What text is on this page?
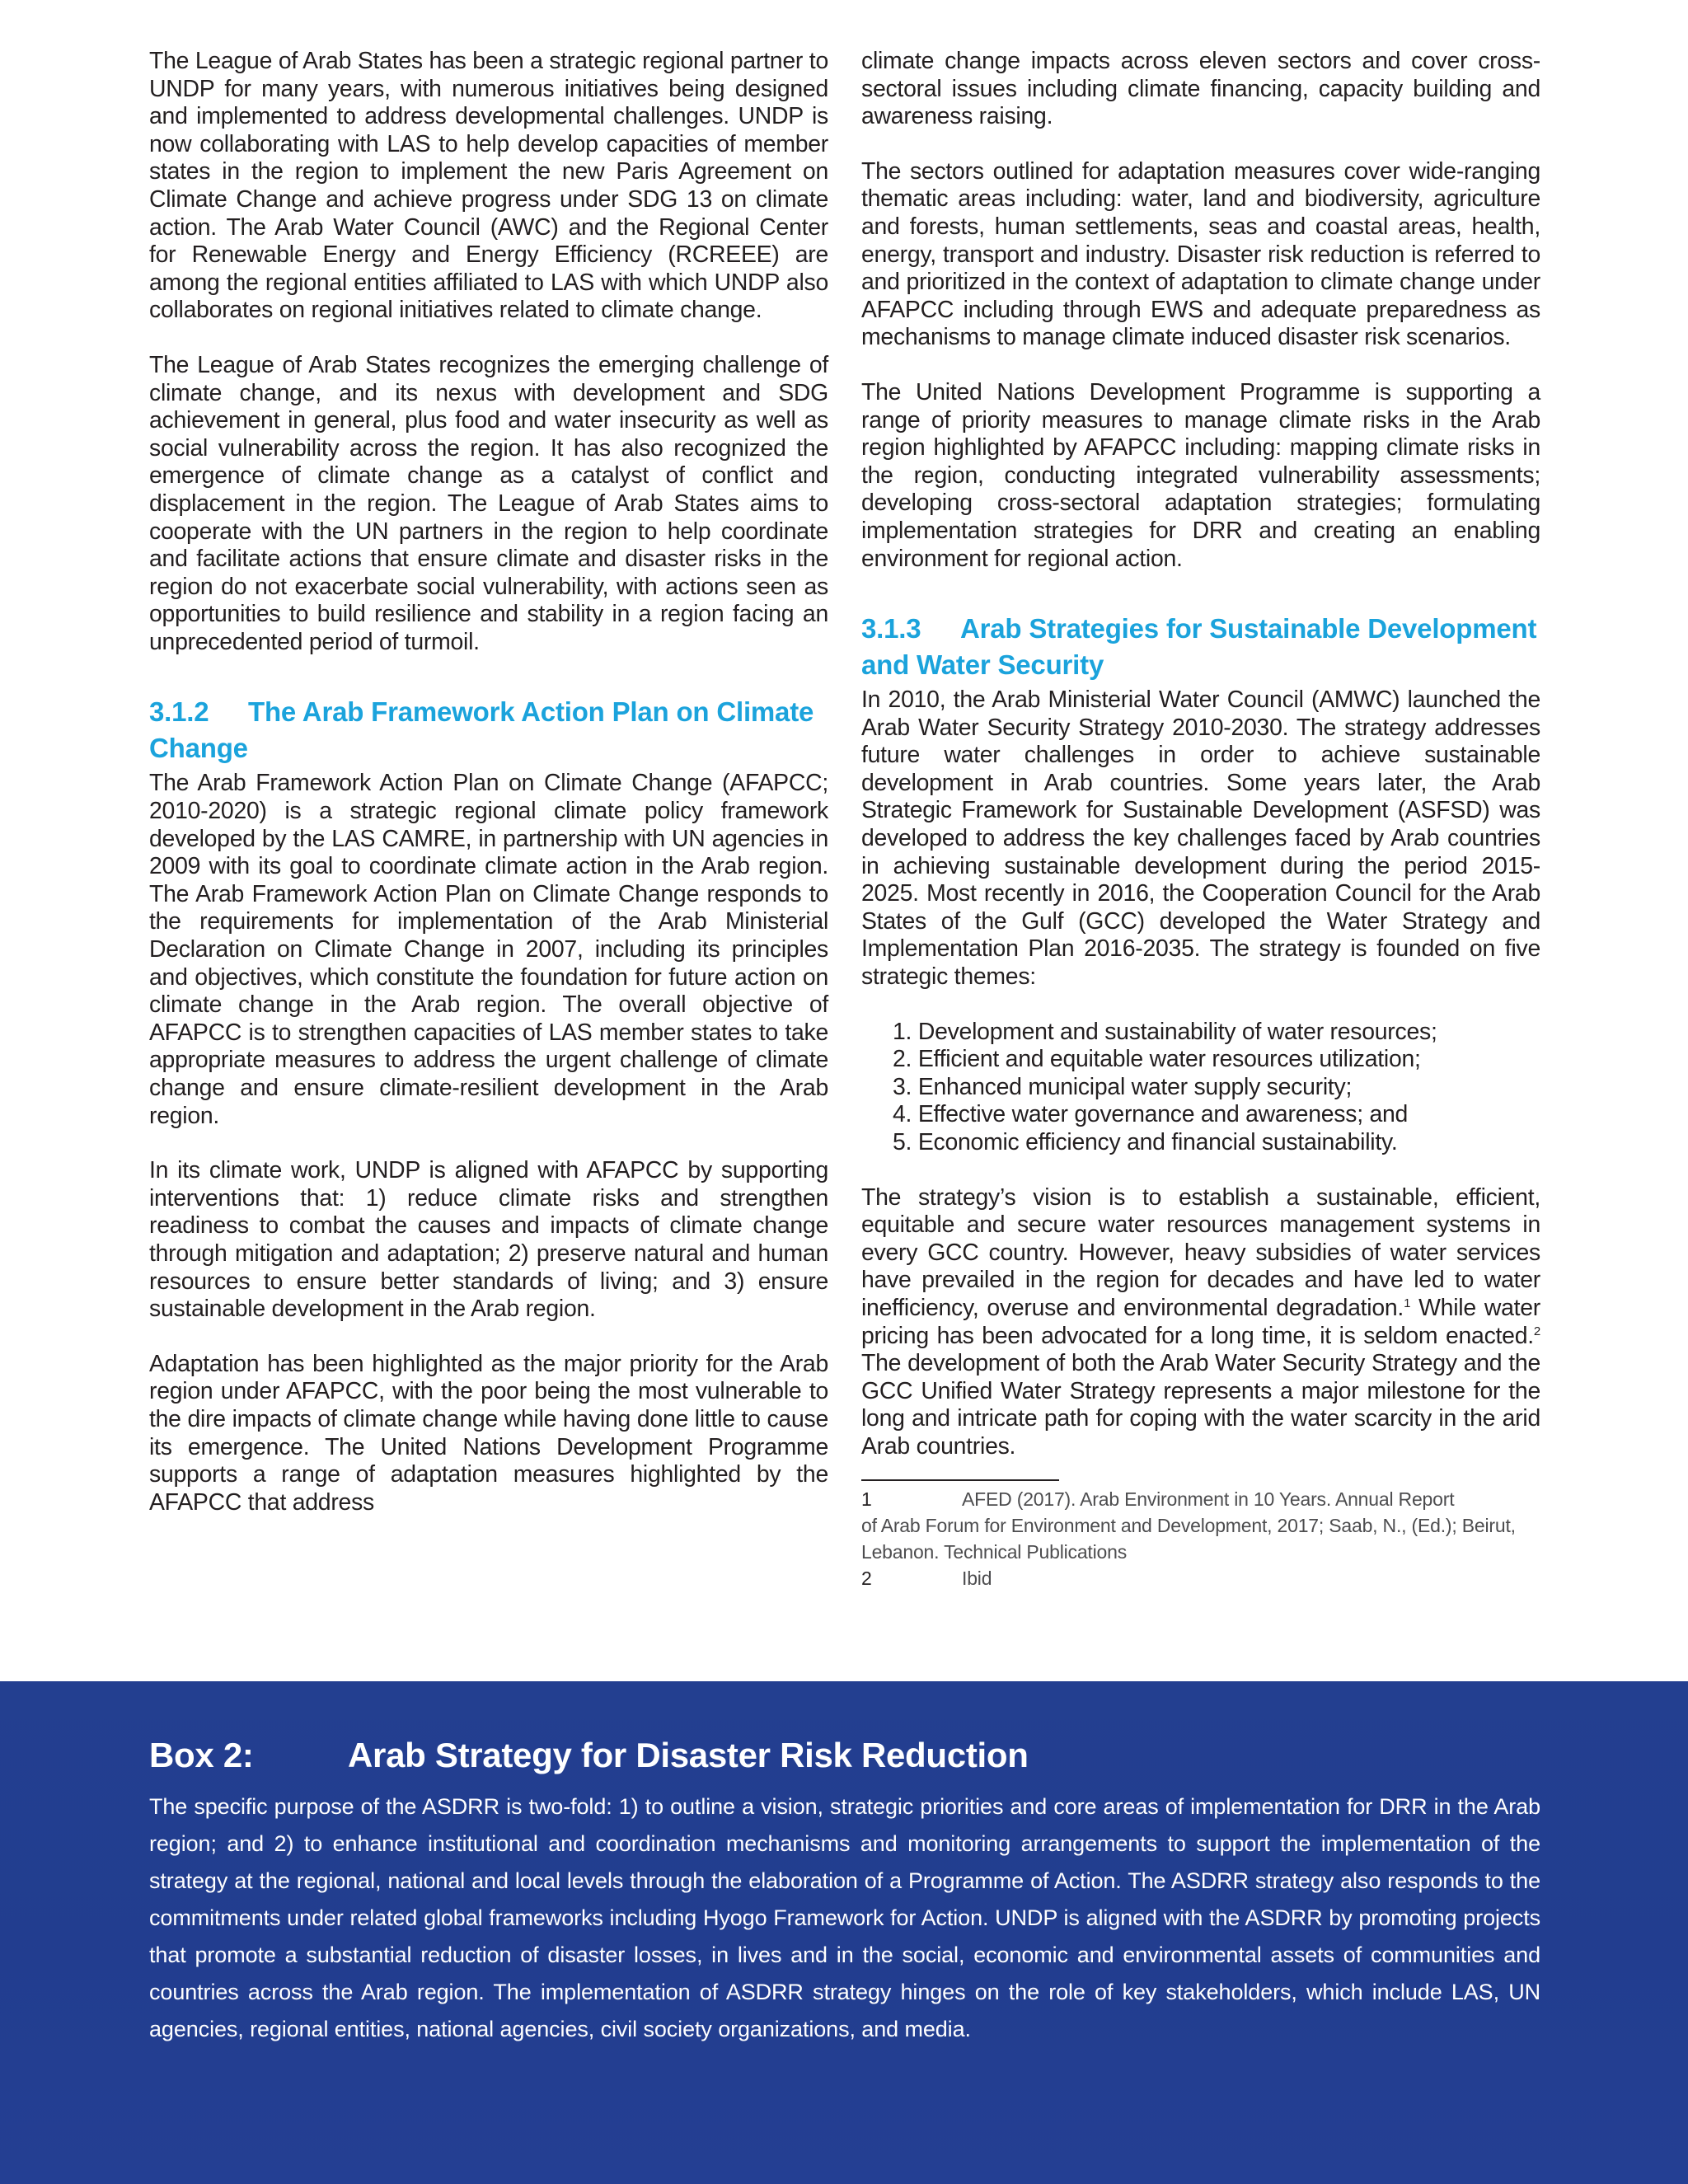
The League of Arab States has been a strategic regional partner to UNDP for many years, with numerous initiatives being designed and implemented to address developmental challenges. UNDP is now collaborating with LAS to help develop capacities of member states in the region to implement the new Paris Agreement on Climate Change and achieve progress under SDG 13 on climate action. The Arab Water Council (AWC) and the Regional Center for Renewable Energy and Energy Efficiency (RCREEE) are among the regional entities affiliated to LAS with which UNDP also collaborates on regional initiatives related to climate change.

The League of Arab States recognizes the emerging challenge of climate change, and its nexus with development and SDG achievement in general, plus food and water insecurity as well as social vulnerability across the region. It has also recognized the emergence of climate change as a catalyst of conflict and displacement in the region. The League of Arab States aims to cooperate with the UN partners in the region to help coordinate and facilitate actions that ensure climate and disaster risks in the region do not exacerbate social vulnerability, with actions seen as opportunities to build resilience and stability in a region facing an unprecedented period of turmoil.

3.1.2 The Arab Framework Action Plan on Climate Change

The Arab Framework Action Plan on Climate Change (AFAPCC; 2010-2020) is a strategic regional climate policy framework developed by the LAS CAMRE, in partnership with UN agencies in 2009 with its goal to coordinate climate action in the Arab region. The Arab Framework Action Plan on Climate Change responds to the requirements for implementation of the Arab Ministerial Declaration on Climate Change in 2007, including its principles and objectives, which constitute the foundation for future action on climate change in the Arab region. The overall objective of AFAPCC is to strengthen capacities of LAS member states to take appropriate measures to address the urgent challenge of climate change and ensure climate-resilient development in the Arab region.

In its climate work, UNDP is aligned with AFAPCC by supporting interventions that: 1) reduce climate risks and strengthen readiness to combat the causes and impacts of climate change through mitigation and adaptation; 2) preserve natural and human resources to ensure better standards of living; and 3) ensure sustainable development in the Arab region.

Adaptation has been highlighted as the major priority for the Arab region under AFAPCC, with the poor being the most vulnerable to the dire impacts of climate change while having done little to cause its emergence. The United Nations Development Programme supports a range of adaptation measures highlighted by the AFAPCC that address

climate change impacts across eleven sectors and cover cross-sectoral issues including climate financing, capacity building and awareness raising.

The sectors outlined for adaptation measures cover wide-ranging thematic areas including: water, land and biodiversity, agriculture and forests, human settlements, seas and coastal areas, health, energy, transport and industry. Disaster risk reduction is referred to and prioritized in the context of adaptation to climate change under AFAPCC including through EWS and adequate preparedness as mechanisms to manage climate induced disaster risk scenarios.

The United Nations Development Programme is supporting a range of priority measures to manage climate risks in the Arab region highlighted by AFAPCC including: mapping climate risks in the region, conducting integrated vulnerability assessments; developing cross-sectoral adaptation strategies; formulating implementation strategies for DRR and creating an enabling environment for regional action.

3.1.3 Arab Strategies for Sustainable Development and Water Security

In 2010, the Arab Ministerial Water Council (AMWC) launched the Arab Water Security Strategy 2010-2030. The strategy addresses future water challenges in order to achieve sustainable development in Arab countries. Some years later, the Arab Strategic Framework for Sustainable Development (ASFSD) was developed to address the key challenges faced by Arab countries in achieving sustainable development during the period 2015-2025. Most recently in 2016, the Cooperation Council for the Arab States of the Gulf (GCC) developed the Water Strategy and Implementation Plan 2016-2035. The strategy is founded on five strategic themes:

1. Development and sustainability of water resources;
2. Efficient and equitable water resources utilization;
3. Enhanced municipal water supply security;
4. Effective water governance and awareness; and
5. Economic efficiency and financial sustainability.

The strategy’s vision is to establish a sustainable, efficient, equitable and secure water resources management systems in every GCC country. However, heavy subsidies of water services have prevailed in the region for decades and have led to water inefficiency, overuse and environmental degradation.$^1$ While water pricing has been advocated for a long time, it is seldom enacted.$^2$ The development of both the Arab Water Security Strategy and the GCC Unified Water Strategy represents a major milestone for the long and intricate path for coping with the water scarcity in the arid Arab countries.

1	AFED (2017). Arab Environment in 10 Years. Annual Report
of Arab Forum for Environment and Development, 2017; Saab, N., (Ed.); Beirut, Lebanon. Technical Publications
2	Ibid
Box 2:	Arab Strategy for Disaster Risk Reduction

The specific purpose of the ASDRR is two-fold: 1) to outline a vision, strategic priorities and core areas of implementation for DRR in the Arab region; and 2) to enhance institutional and coordination mechanisms and monitoring arrangements to support the implementation of the strategy at the regional, national and local levels through the elaboration of a Programme of Action. The ASDRR strategy also responds to the commitments under related global frameworks including Hyogo Framework for Action. UNDP is aligned with the ASDRR by promoting projects that promote a substantial reduction of disaster losses, in lives and in the social, economic and environmental assets of communities and countries across the Arab region. The implementation of ASDRR strategy hinges on the role of key stakeholders, which include LAS, UN agencies, regional entities, national agencies, civil society organizations, and media.
